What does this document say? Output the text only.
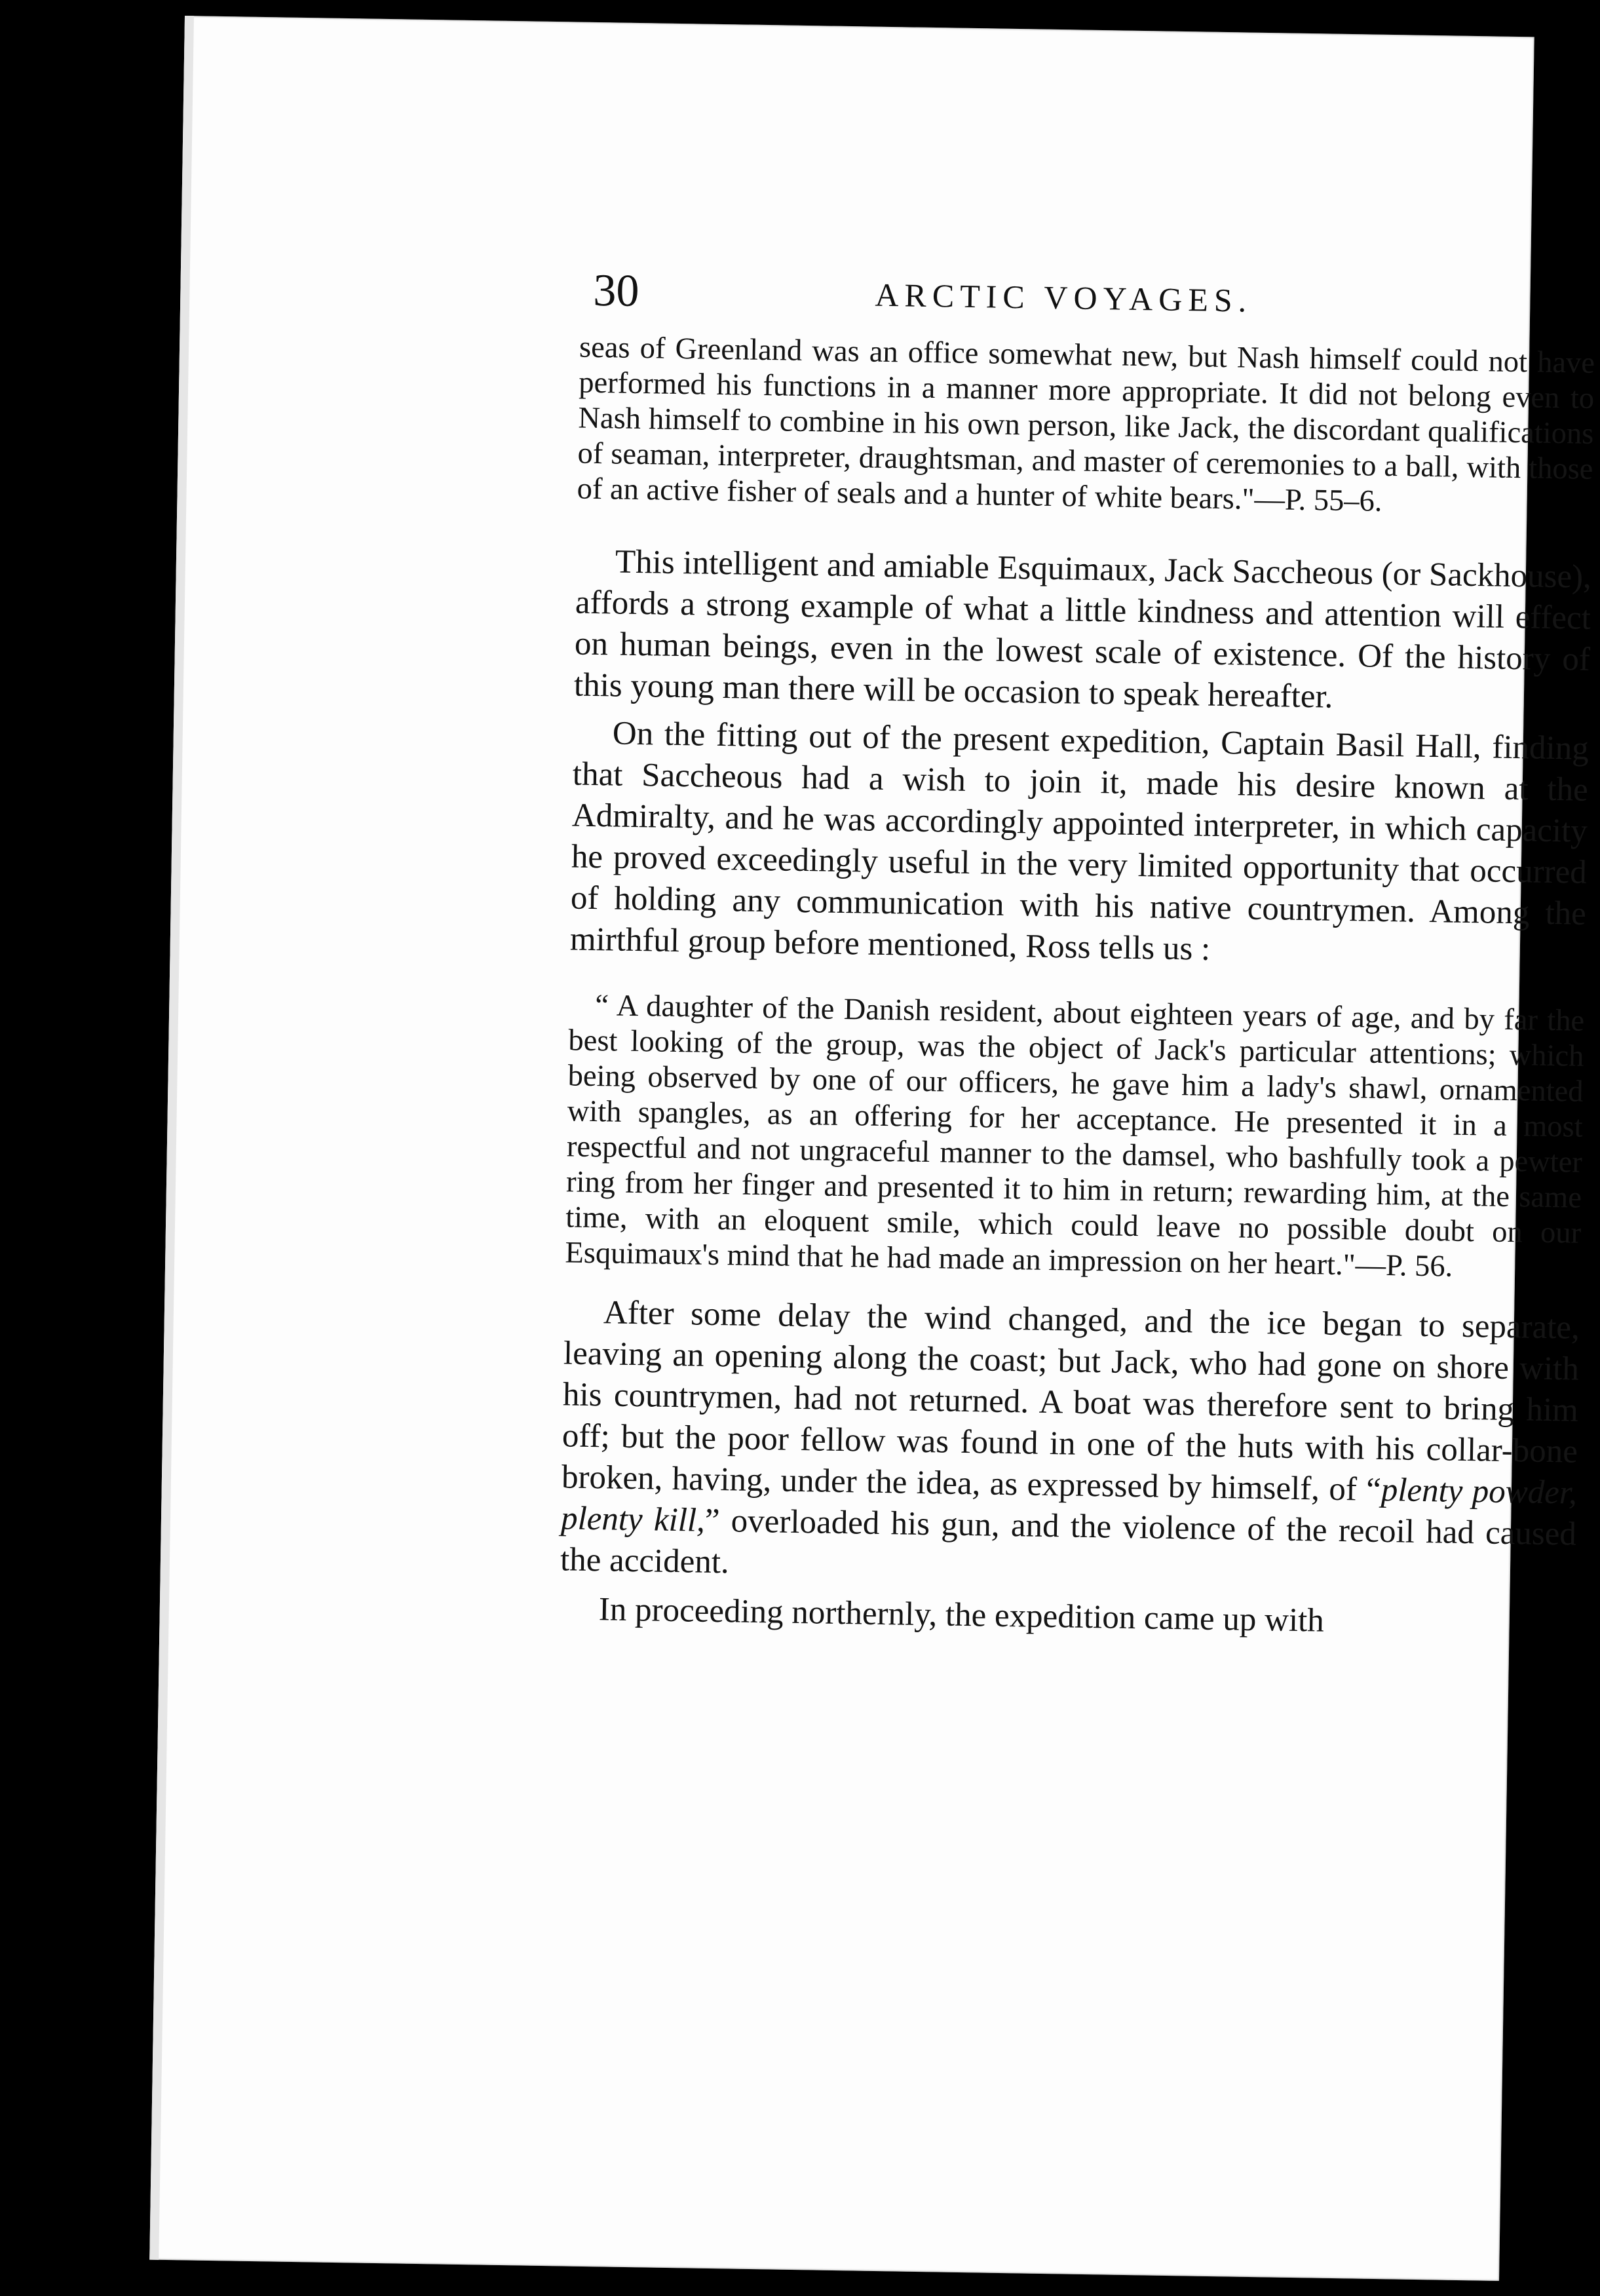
30	ARCTIC VOYAGES.

seas of Greenland was an office somewhat new, but Nash himself could not have performed his functions in a manner more appropriate. It did not belong even to Nash himself to combine in his own person, like Jack, the discordant qualifications of seaman, interpreter, draughtsman, and master of ceremonies to a ball, with those of an active fisher of seals and a hunter of white bears."—P. 55–6.

This intelligent and amiable Esquimaux, Jack Saccheous (or Sackhouse), affords a strong example of what a little kindness and attention will effect on human beings, even in the lowest scale of existence. Of the history of this young man there will be occasion to speak hereafter.

On the fitting out of the present expedition, Captain Basil Hall, finding that Saccheous had a wish to join it, made his desire known at the Admiralty, and he was accordingly appointed interpreter, in which capacity he proved exceedingly useful in the very limited opportunity that occurred of holding any communication with his native countrymen. Among the mirthful group before mentioned, Ross tells us :

“ A daughter of the Danish resident, about eighteen years of age, and by far the best looking of the group, was the object of Jack's particular attentions; which being observed by one of our officers, he gave him a lady's shawl, ornamented with spangles, as an offering for her acceptance. He presented it in a most respectful and not ungraceful manner to the damsel, who bashfully took a pewter ring from her finger and presented it to him in return; rewarding him, at the same time, with an eloquent smile, which could leave no possible doubt on our Esquimaux's mind that he had made an impression on her heart."—P. 56.

After some delay the wind changed, and the ice began to separate, leaving an opening along the coast; but Jack, who had gone on shore with his countrymen, had not returned. A boat was therefore sent to bring him off; but the poor fellow was found in one of the huts with his collar-bone broken, having, under the idea, as expressed by himself, of “plenty powder, plenty kill,” overloaded his gun, and the violence of the recoil had caused the accident.

In proceeding northernly, the expedition came up with
